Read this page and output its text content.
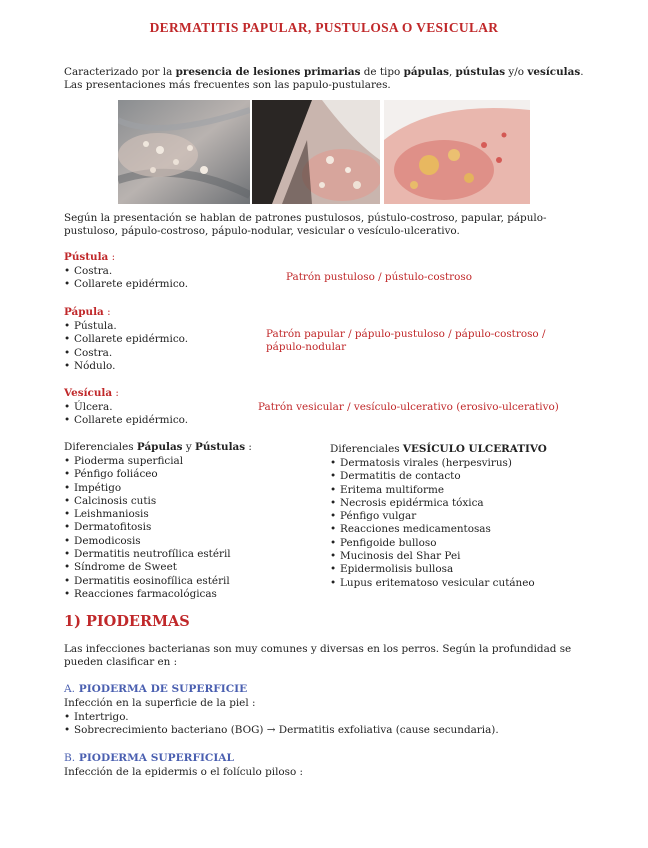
DERMATITIS PAPULAR, PUSTULOSA O VESICULAR
Caracterizado por la presencia de lesiones primarias de tipo pápulas, pústulas y/o vesículas. Las presentaciones más frecuentes son las papulo-pustulares.
Según la presentación se hablan de patrones pustulosos, pústulo-costroso, papular, pápulo-pustuloso, pápulo-costroso, pápulo-nodular, vesicular o vesículo-ulcerativo.
Pústula :
• Costra.
• Collarete epidérmico.
Patrón pustuloso / pústulo-costroso
Pápula :
• Pústula.
• Collarete epidérmico.
• Costra.
• Nódulo.
Patrón papular / pápulo-pustuloso / pápulo-costroso / pápulo-nodular
Vesícula :
• Úlcera.
• Collarete epidérmico.
Patrón vesicular / vesículo-ulcerativo (erosivo-ulcerativo)
Diferenciales Pápulas y Pústulas :
• Pioderma superficial
• Pénfigo foliáceo
• Impétigo
• Calcinosis cutis
• Leishmaniosis
• Dermatofitosis
• Demodicosis
• Dermatitis neutrofílica estéril
• Síndrome de Sweet
• Dermatitis eosinofílica estéril
• Reacciones farmacológicas
Diferenciales VESÍCULO ULCERATIVO
• Dermatosis virales (herpesvirus)
• Dermatitis de contacto
• Eritema multiforme
• Necrosis epidérmica tóxica
• Pénfigo vulgar
• Reacciones medicamentosas
• Penfigoide bulloso
• Mucinosis del Shar Pei
• Epidermolisis bullosa
• Lupus eritematoso vesicular cutáneo
1) PIODERMAS
Las infecciones bacterianas son muy comunes y diversas en los perros. Según la profundidad se pueden clasificar en :
A. PIODERMA DE SUPERFICIE
Infección en la superficie de la piel :
• Intertrigo.
• Sobrecrecimiento bacteriano (BOG) → Dermatitis exfoliativa (cause secundaria).
B. PIODERMA SUPERFICIAL
Infección de la epidermis o el folículo piloso :
